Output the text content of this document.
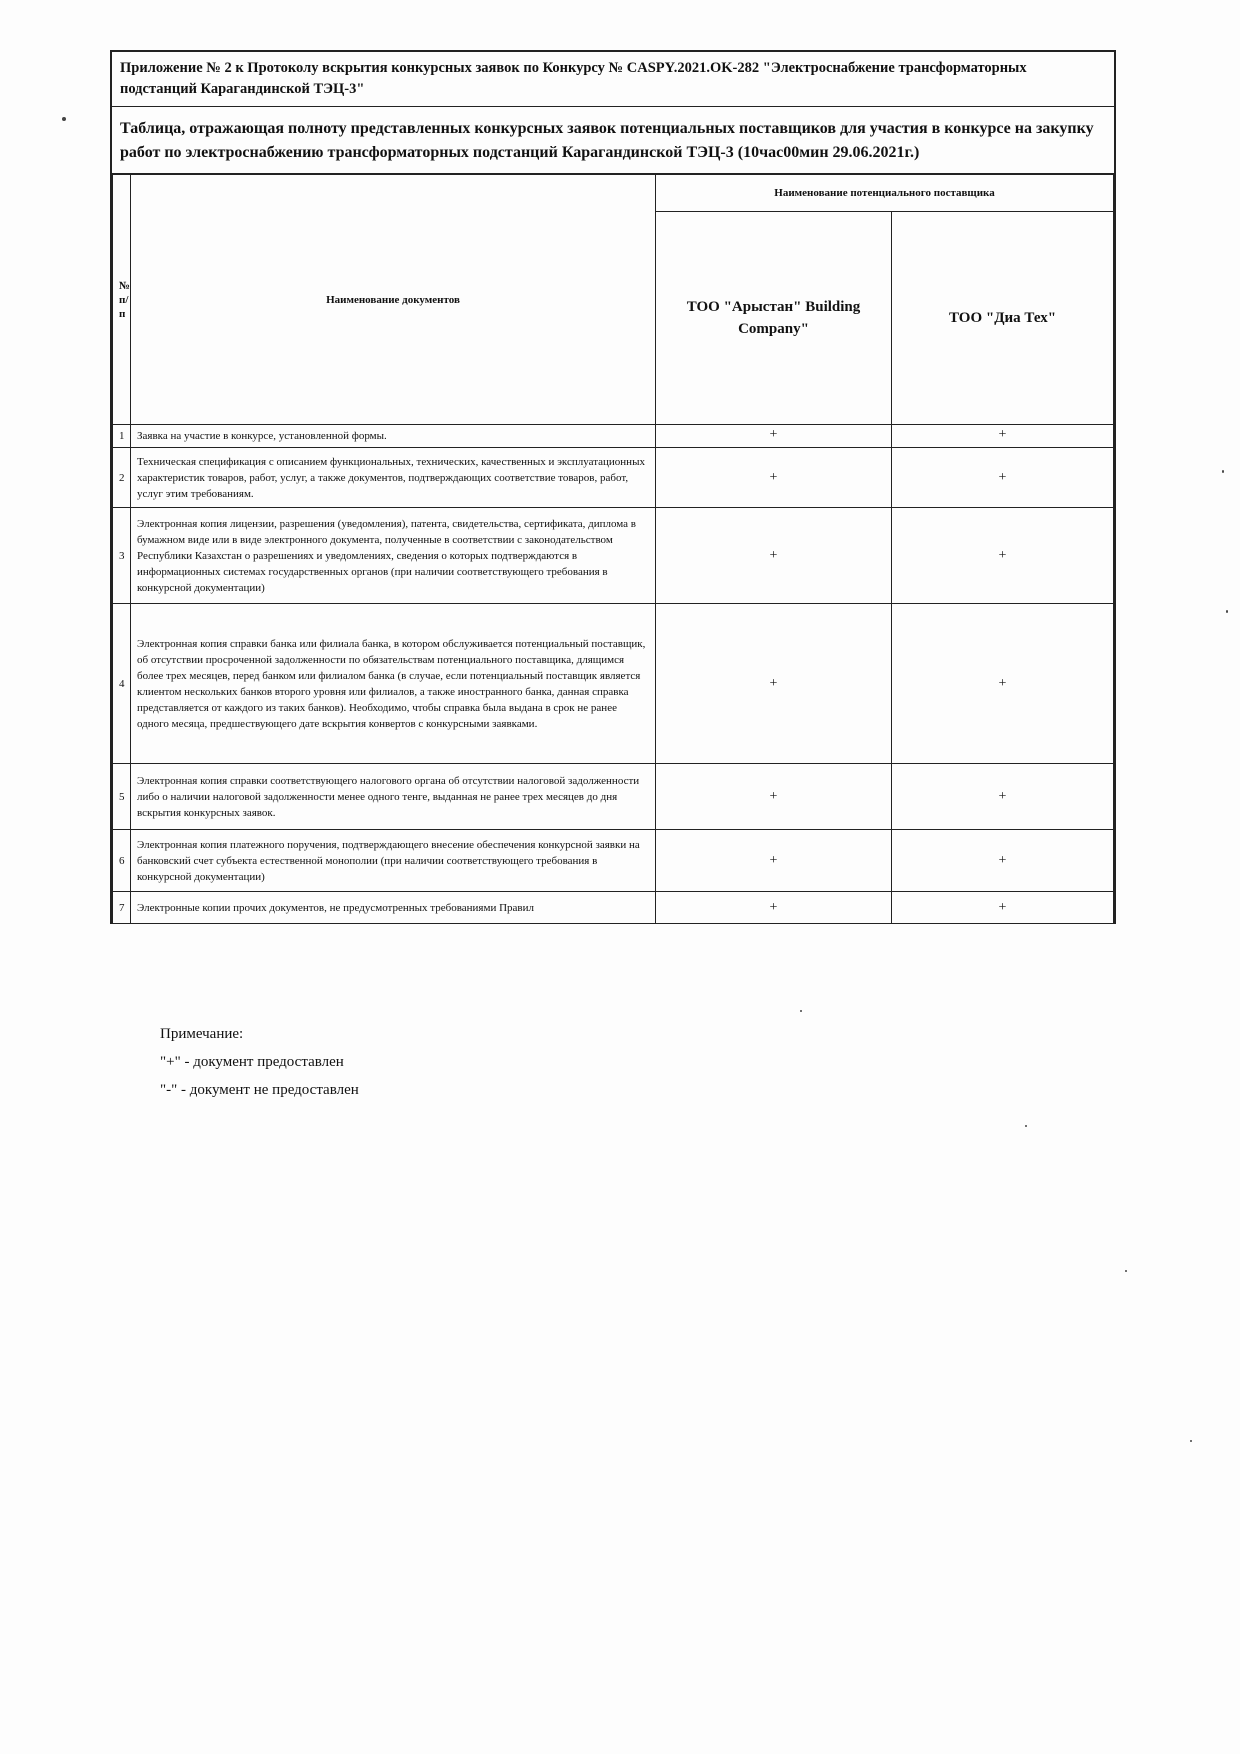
Приложение № 2 к Протоколу вскрытия конкурсных заявок по Конкурсу № CASPY.2021.OK-282 "Электроснабжение трансформаторных подстанций Карагандинской ТЭЦ-3"
Таблица, отражающая полноту представленных конкурсных заявок потенциальных поставщиков для участия в конкурсе на закупку работ по электроснабжению трансформаторных подстанций Карагандинской ТЭЦ-3 (10час00мин 29.06.2021г.)
№ п/п	Наименование документов	Наименование потенциального поставщика	
		ТОО "Арыстан" Building Company"	ТОО "Диа Тех"
1	Заявка на участие в конкурсе, установленной формы.	+	+
2	Техническая спецификация с описанием функциональных, технических, качественных и эксплуатационных характеристик товаров, работ, услуг, а также документов, подтверждающих соответствие товаров, работ, услуг этим требованиям.	+	+
3	Электронная копия лицензии, разрешения (уведомления), патента, свидетельства, сертификата, диплома в бумажном виде или в виде электронного документа, полученные в соответствии с законодательством Республики Казахстан о разрешениях и уведомлениях, сведения о которых подтверждаются в информационных системах государственных органов (при наличии соответствующего требования в конкурсной документации)	+	+
4	Электронная копия справки банка или филиала банка, в котором обслуживается потенциальный поставщик, об отсутствии просроченной задолженности по обязательствам потенциального поставщика, длящимся более трех месяцев, перед банком или филиалом банка (в случае, если потенциальный поставщик является клиентом нескольких банков второго уровня или филиалов, а также иностранного банка, данная справка представляется от каждого из таких банков). Необходимо, чтобы справка была выдана в срок не ранее одного месяца, предшествующего дате вскрытия конвертов с конкурсными заявками.	+	+
5	Электронная копия справки соответствующего налогового органа об отсутствии налоговой задолженности либо о наличии налоговой задолженности менее одного тенге, выданная не ранее трех месяцев до дня вскрытия конкурсных заявок.	+	+
6	Электронная копия платежного поручения, подтверждающего внесение обеспечения конкурсной заявки на банковский счет субъекта естественной монополии (при наличии соответствующего требования в конкурсной документации)	+	+
7	Электронные копии прочих документов, не предусмотренных требованиями Правил	+	+
Примечание:
"+" - документ предоставлен
"-" - документ не предоставлен
